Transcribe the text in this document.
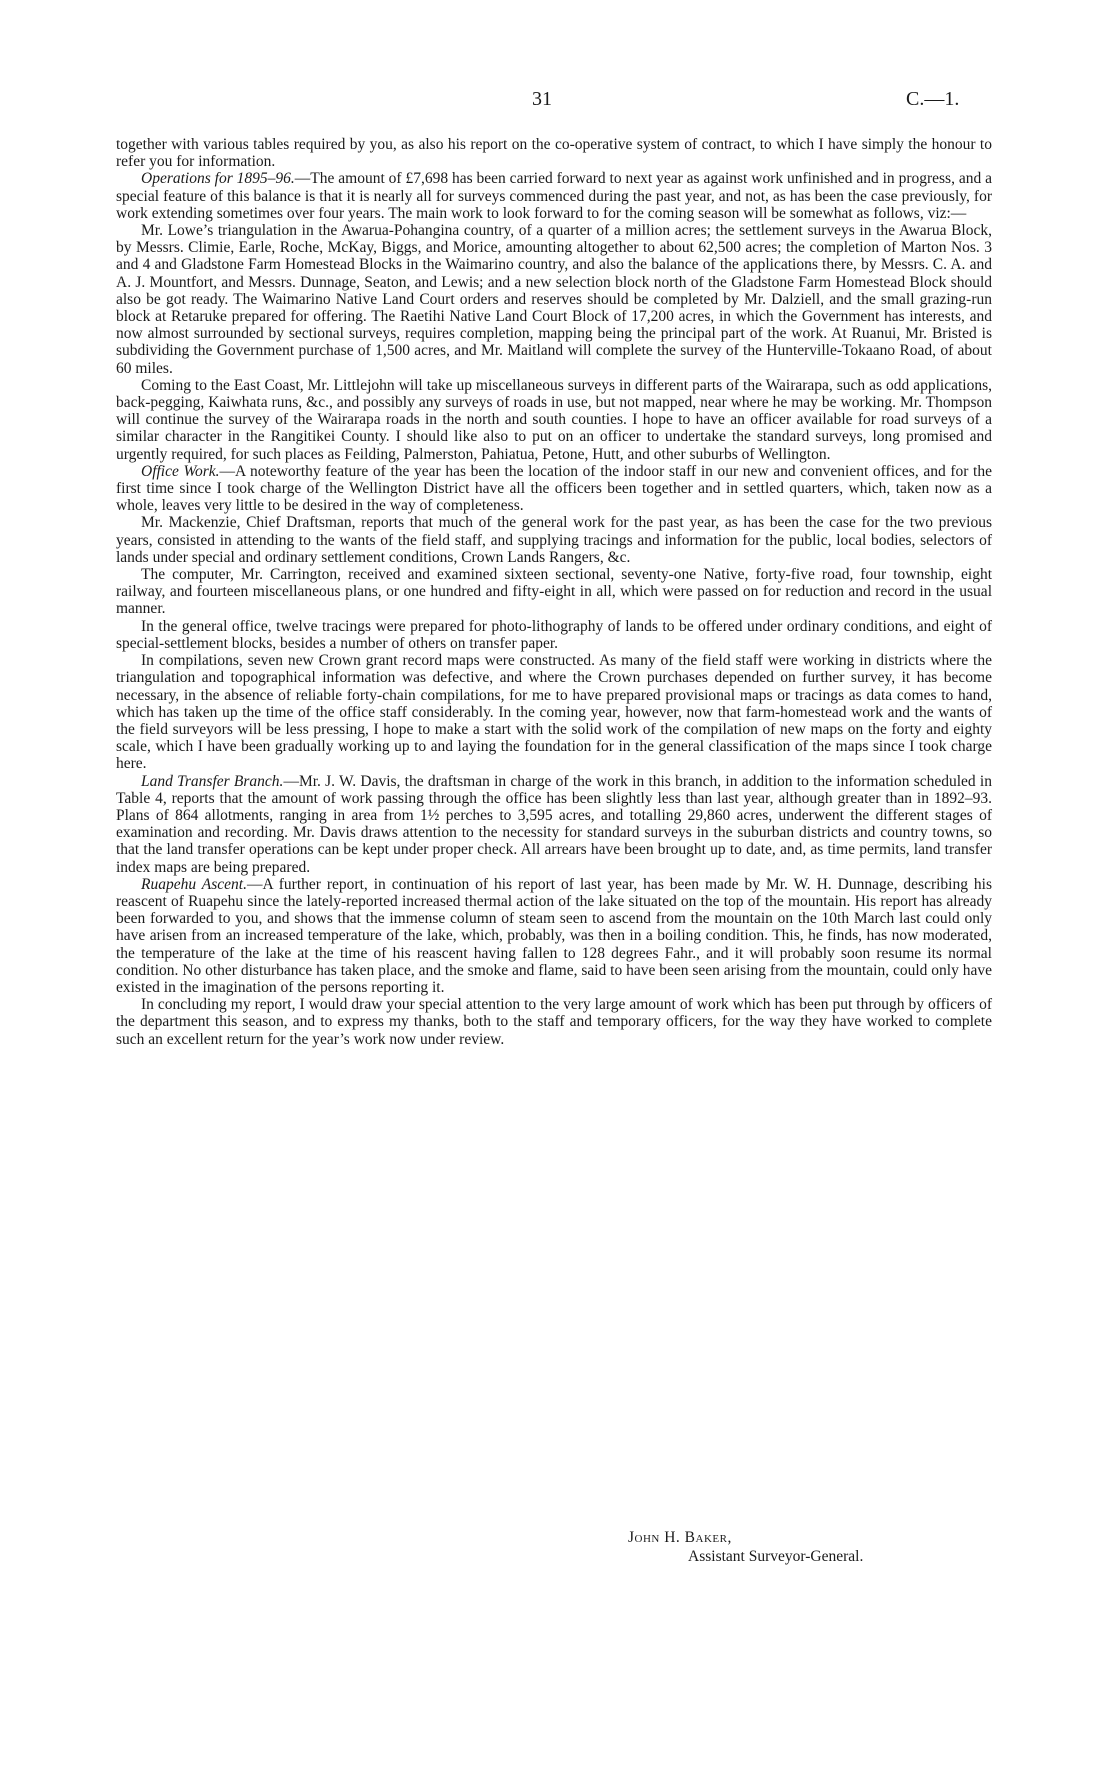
31	C.—1.

together with various tables required by you, as also his report on the co-operative system of contract, to which I have simply the honour to refer you for information.

Operations for 1895–96.—The amount of £7,698 has been carried forward to next year as against work unfinished and in progress, and a special feature of this balance is that it is nearly all for surveys commenced during the past year, and not, as has been the case previously, for work extending sometimes over four years. The main work to look forward to for the coming season will be somewhat as follows, viz:—

Mr. Lowe’s triangulation in the Awarua-Pohangina country, of a quarter of a million acres; the settlement surveys in the Awarua Block, by Messrs. Climie, Earle, Roche, McKay, Biggs, and Morice, amounting altogether to about 62,500 acres; the completion of Marton Nos. 3 and 4 and Gladstone Farm Homestead Blocks in the Waimarino country, and also the balance of the applications there, by Messrs. C. A. and A. J. Mountfort, and Messrs. Dunnage, Seaton, and Lewis; and a new selection block north of the Gladstone Farm Homestead Block should also be got ready. The Waimarino Native Land Court orders and reserves should be completed by Mr. Dalziell, and the small grazing-run block at Retaruke prepared for offering. The Raetihi Native Land Court Block of 17,200 acres, in which the Government has interests, and now almost surrounded by sectional surveys, requires completion, mapping being the principal part of the work. At Ruanui, Mr. Bristed is subdividing the Government purchase of 1,500 acres, and Mr. Maitland will complete the survey of the Hunterville-Tokaano Road, of about 60 miles.

Coming to the East Coast, Mr. Littlejohn will take up miscellaneous surveys in different parts of the Wairarapa, such as odd applications, back-pegging, Kaiwhata runs, &c., and possibly any surveys of roads in use, but not mapped, near where he may be working. Mr. Thompson will continue the survey of the Wairarapa roads in the north and south counties. I hope to have an officer available for road surveys of a similar character in the Rangitikei County. I should like also to put on an officer to undertake the standard surveys, long promised and urgently required, for such places as Feilding, Palmerston, Pahiatua, Petone, Hutt, and other suburbs of Wellington.

Office Work.—A noteworthy feature of the year has been the location of the indoor staff in our new and convenient offices, and for the first time since I took charge of the Wellington District have all the officers been together and in settled quarters, which, taken now as a whole, leaves very little to be desired in the way of completeness.

Mr. Mackenzie, Chief Draftsman, reports that much of the general work for the past year, as has been the case for the two previous years, consisted in attending to the wants of the field staff, and supplying tracings and information for the public, local bodies, selectors of lands under special and ordinary settlement conditions, Crown Lands Rangers, &c.

The computer, Mr. Carrington, received and examined sixteen sectional, seventy-one Native, forty-five road, four township, eight railway, and fourteen miscellaneous plans, or one hundred and fifty-eight in all, which were passed on for reduction and record in the usual manner.

In the general office, twelve tracings were prepared for photo-lithography of lands to be offered under ordinary conditions, and eight of special-settlement blocks, besides a number of others on transfer paper.

In compilations, seven new Crown grant record maps were constructed. As many of the field staff were working in districts where the triangulation and topographical information was defective, and where the Crown purchases depended on further survey, it has become necessary, in the absence of reliable forty-chain compilations, for me to have prepared provisional maps or tracings as data comes to hand, which has taken up the time of the office staff considerably. In the coming year, however, now that farm-homestead work and the wants of the field surveyors will be less pressing, I hope to make a start with the solid work of the compilation of new maps on the forty and eighty scale, which I have been gradually working up to and laying the foundation for in the general classification of the maps since I took charge here.

Land Transfer Branch.—Mr. J. W. Davis, the draftsman in charge of the work in this branch, in addition to the information scheduled in Table 4, reports that the amount of work passing through the office has been slightly less than last year, although greater than in 1892–93. Plans of 864 allotments, ranging in area from 1½ perches to 3,595 acres, and totalling 29,860 acres, underwent the different stages of examination and recording. Mr. Davis draws attention to the necessity for standard surveys in the suburban districts and country towns, so that the land transfer operations can be kept under proper check. All arrears have been brought up to date, and, as time permits, land transfer index maps are being prepared.

Ruapehu Ascent.—A further report, in continuation of his report of last year, has been made by Mr. W. H. Dunnage, describing his reascent of Ruapehu since the lately-reported increased thermal action of the lake situated on the top of the mountain. His report has already been forwarded to you, and shows that the immense column of steam seen to ascend from the mountain on the 10th March last could only have arisen from an increased temperature of the lake, which, probably, was then in a boiling condition. This, he finds, has now moderated, the temperature of the lake at the time of his reascent having fallen to 128 degrees Fahr., and it will probably soon resume its normal condition. No other disturbance has taken place, and the smoke and flame, said to have been seen arising from the mountain, could only have existed in the imagination of the persons reporting it.

In concluding my report, I would draw your special attention to the very large amount of work which has been put through by officers of the department this season, and to express my thanks, both to the staff and temporary officers, for the way they have worked to complete such an excellent return for the year’s work now under review.

John H. Baker,
Assistant Surveyor-General.
